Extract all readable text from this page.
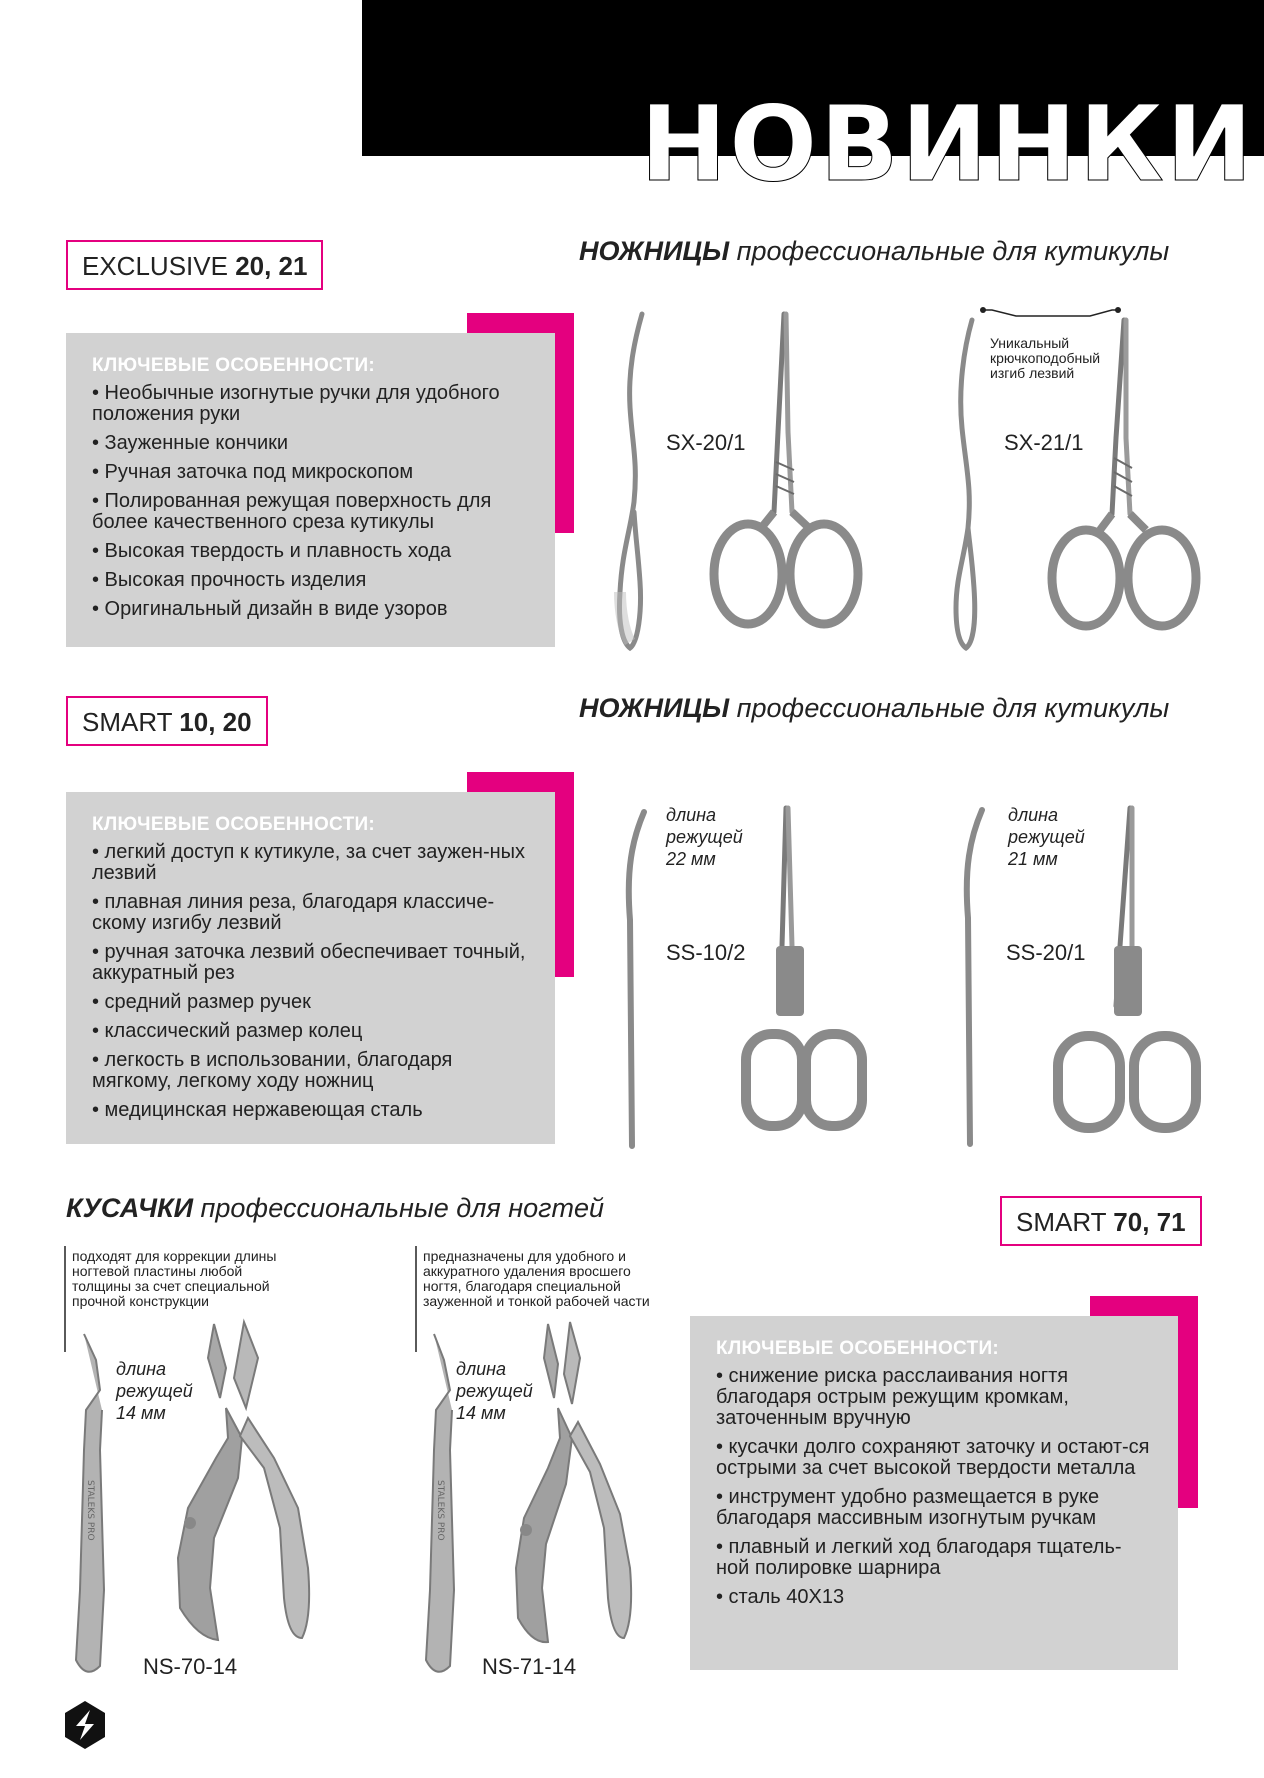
НОВИНКИ
EXCLUSIVE 20, 21	НОЖНИЦЫ профессиональные для кутикулы
КЛЮЧЕВЫЕ ОСОБЕННОСТИ:
• Необычные изогнутые ручки для удобного положения руки
• Зауженные кончики
• Ручная заточка под микроскопом
• Полированная режущая поверхность для более качественного среза кутикулы
• Высокая твердость и плавность хода
• Высокая прочность изделия
• Оригинальный дизайн в виде узоров
SX-20/1
Уникальный крючкоподобный изгиб лезвий
SX-21/1
SMART 10, 20	НОЖНИЦЫ профессиональные для кутикулы
КЛЮЧЕВЫЕ ОСОБЕННОСТИ:
• легкий доступ к кутикуле, за счет заужен-ных лезвий
• плавная линия реза, благодаря классиче-скому изгибу лезвий
• ручная заточка лезвий обеспечивает точный, аккуратный рез
• средний размер ручек
• классический размер колец
• легкость в использовании, благодаря мягкому, легкому ходу ножниц
• медицинская нержавеющая сталь
длина
режущей
22 мм
SS-10/2
длина
режущей
21 мм
SS-20/1
КУСАЧКИ профессиональные для ногтей	SMART 70, 71
подходят для коррекции длины ногтевой пластины любой толщины за счет специальной прочной конструкции
STALEKS PRO
длина
режущей
14 мм
NS-70-14
предназначены для удобного и аккуратного удаления вросшего ногтя, благодаря специальной зауженной и тонкой рабочей части
STALEKS PRO
длина
режущей
14 мм
NS-71-14
КЛЮЧЕВЫЕ ОСОБЕННОСТИ:
• снижение риска расслаивания ногтя благодаря острым режущим кромкам, заточенным вручную
• кусачки долго сохраняют заточку и остают-ся острыми за счет высокой твердости металла
• инструмент удобно размещается в руке благодаря массивным изогнутым ручкам
• плавный и легкий ход благодаря тщатель-ной полировке шарнира
• сталь 40Х13
